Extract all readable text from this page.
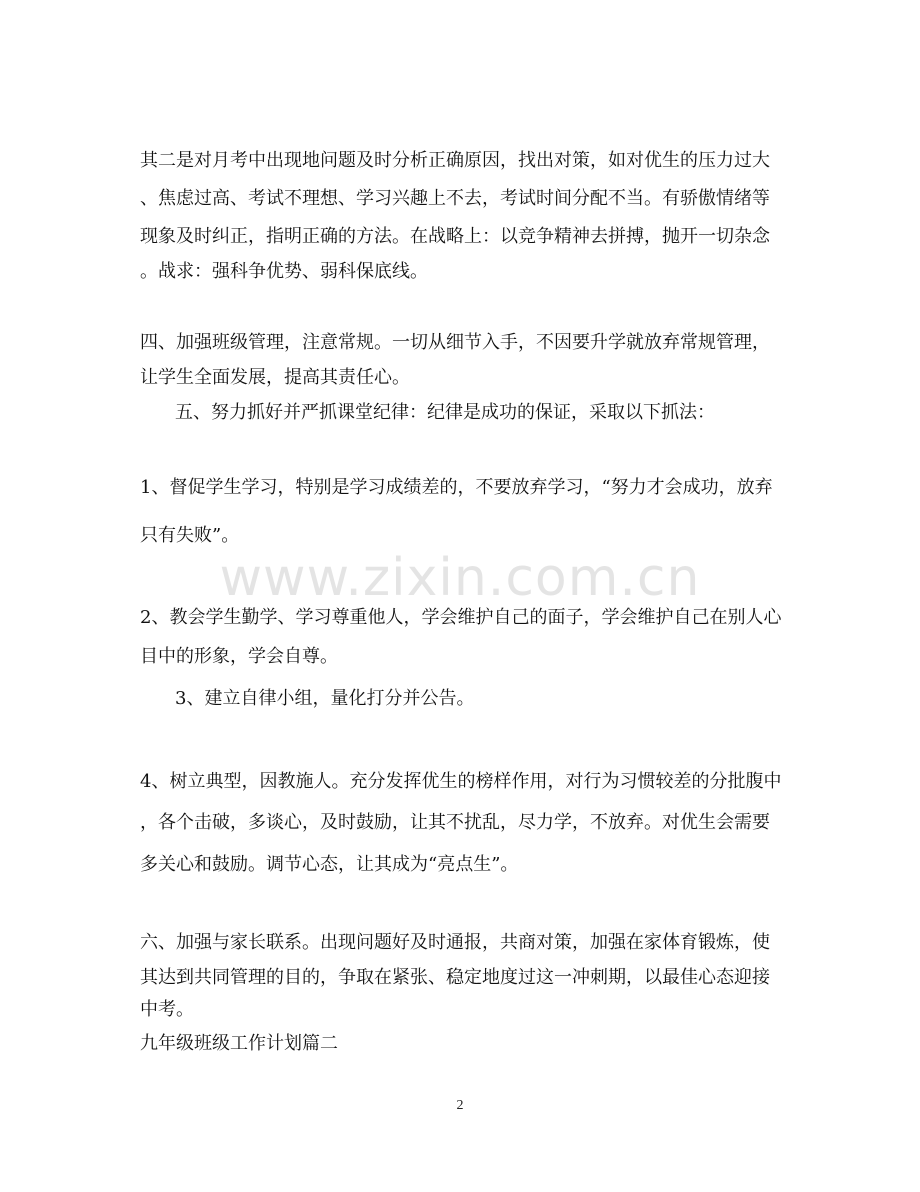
其二是对月考中出现地问题及时分析正确原因，找出对策，如对优生的压力过大
、焦虑过高、考试不理想、学习兴趣上不去，考试时间分配不当。有骄傲情绪等
现象及时纠正，指明正确的方法。在战略上：以竞争精神去拼搏，抛开一切杂念
。战求：强科争优势、弱科保底线。
四、加强班级管理，注意常规。一切从细节入手，不因要升学就放弃常规管理，
让学生全面发展，提高其责任心。
五、努力抓好并严抓课堂纪律：纪律是成功的保证，采取以下抓法：
1、督促学生学习，特别是学习成绩差的，不要放弃学习，“努力才会成功，放弃
只有失败”。
2、教会学生勤学、学习尊重他人，学会维护自己的面子，学会维护自己在别人心
目中的形象，学会自尊。
3、建立自律小组，量化打分并公告。
4、树立典型，因教施人。充分发挥优生的榜样作用，对行为习惯较差的分批腹中
，各个击破，多谈心，及时鼓励，让其不扰乱，尽力学，不放弃。对优生会需要
多关心和鼓励。调节心态，让其成为“亮点生”。
六、加强与家长联系。出现问题好及时通报，共商对策，加强在家体育锻炼，使
其达到共同管理的目的，争取在紧张、稳定地度过这一冲刺期，以最佳心态迎接
中考。
九年级班级工作计划篇二
www.zixin.com.cn
2
